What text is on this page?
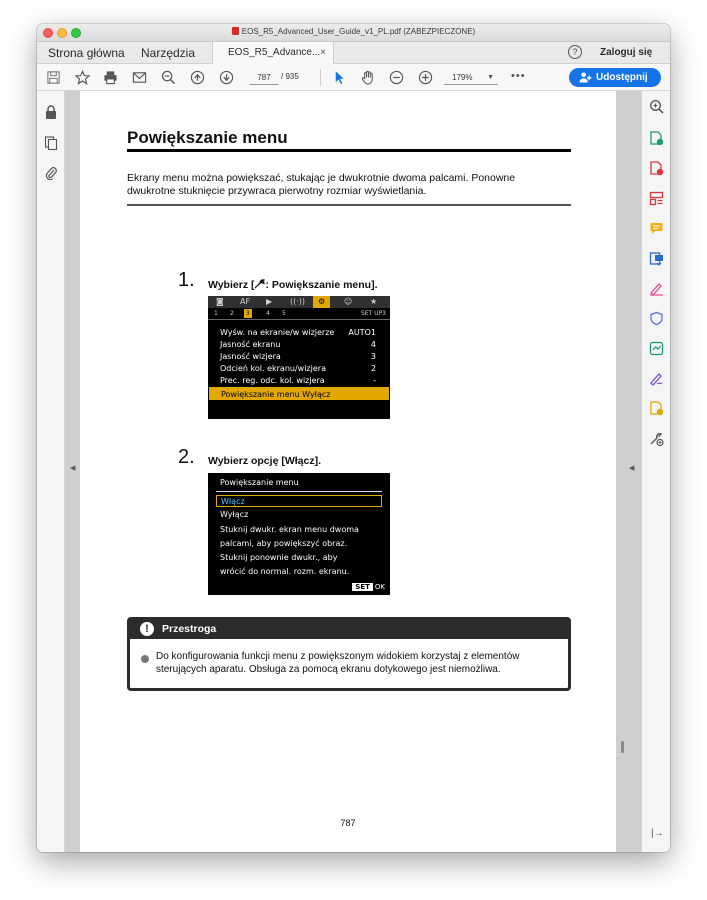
EOS_R5_Advanced_User_Guide_v1_PL.pdf (ZABEZPIECZONE)
Strona główna Narzędzia	EOS_R5_Advance... ×	?	Zaloguj się
787	/ 935	179% ▼ •••	Udostępnij
◀
Powiększanie menu
Ekrany menu można powiększać, stukając je dwukrotnie dwoma palcami. Ponowne dwukrotne stuknięcie przywraca pierwotny rozmiar wyświetlania.
1. Wybierz [ : Powiększanie menu].
◙ AF ▶ ((·))	⚙	☺ ★
1 2	3	4 5	SET UP3
Wyśw. na ekranie/w wizjerze AUTO1
Jasność ekranu	4
Jasność wizjera	3
Odcień kol. ekranu/wizjera	2
Prec. reg. odc. kol. wizjera	-
Powiększanie menu Wyłącz
2. Wybierz opcję [Włącz].
Powiększanie menu
Włącz
Wyłącz
Stuknij dwukr. ekran menu dwoma
palcami, aby powiększyć obraz.
Stuknij ponownie dwukr., aby
wrócić do normal. rozm. ekranu.
SET OK
!	Przestroga
Do konfigurowania funkcji menu z powiększonym widokiem korzystaj z elementów sterujących aparatu. Obsługa za pomocą ekranu dotykowego jest niemożliwa.
787
◀
|→
